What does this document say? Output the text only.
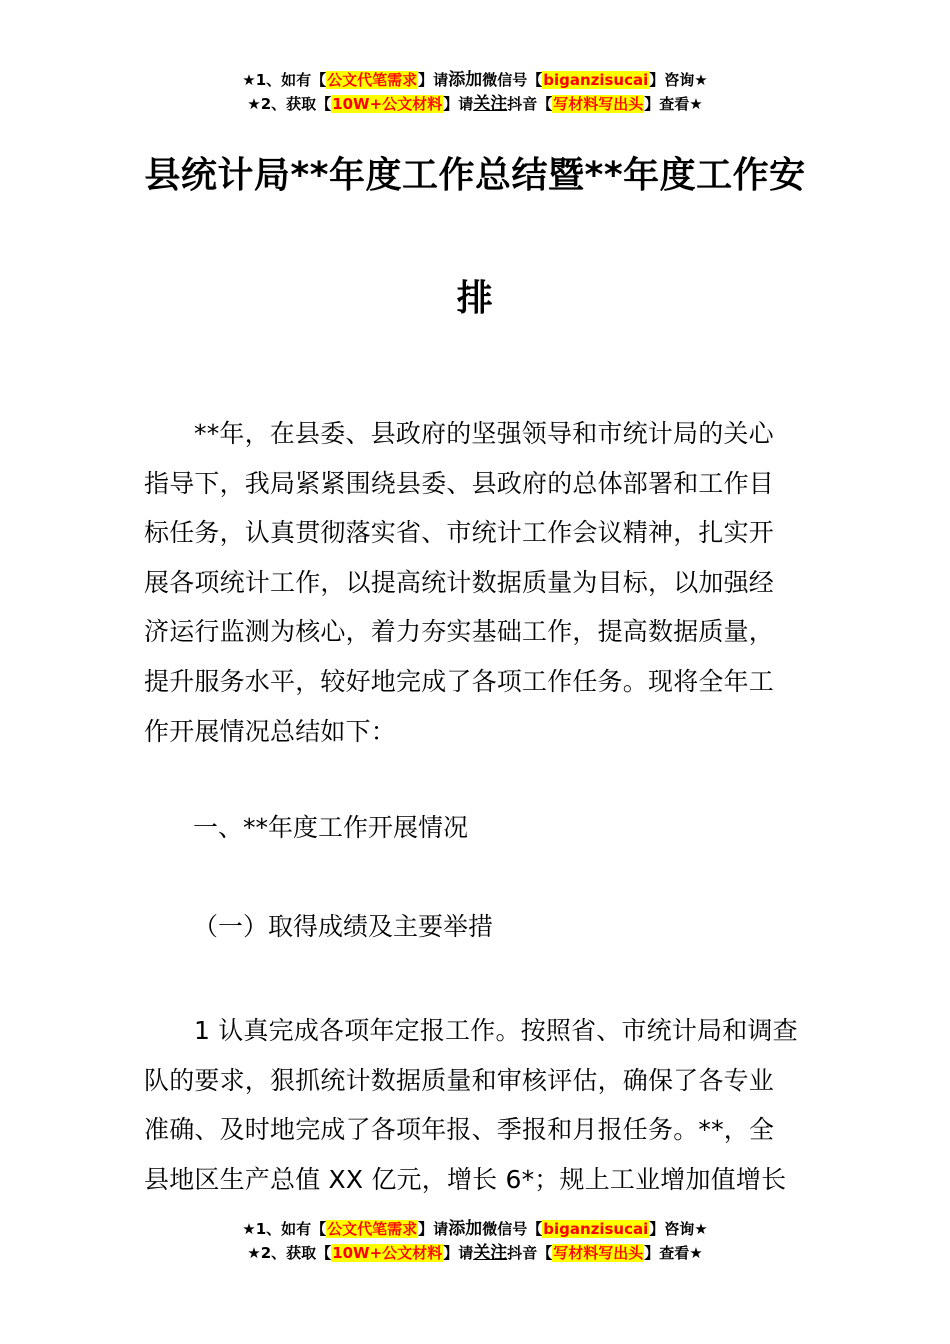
★1、如有【公文代笔需求】请添加微信号【biganzisucai】咨询★
★2、获取【10W+公文材料】请关注抖音【写材料写出头】查看★
县统计局**年度工作总结暨**年度工作安
排
**年，在县委、县政府的坚强领导和市统计局的关心
指导下，我局紧紧围绕县委、县政府的总体部署和工作目
标任务，认真贯彻落实省、市统计工作会议精神，扎实开
展各项统计工作，以提高统计数据质量为目标，以加强经
济运行监测为核心，着力夯实基础工作，提高数据质量，
提升服务水平，较好地完成了各项工作任务。现将全年工
作开展情况总结如下：
一、**年度工作开展情况
（一）取得成绩及主要举措
1 认真完成各项年定报工作。按照省、市统计局和调查
队的要求，狠抓统计数据质量和审核评估，确保了各专业
准确、及时地完成了各项年报、季报和月报任务。**，全
县地区生产总值 XX 亿元，增长 6*；规上工业增加值增长
★1、如有【公文代笔需求】请添加微信号【biganzisucai】咨询★
★2、获取【10W+公文材料】请关注抖音【写材料写出头】查看★
